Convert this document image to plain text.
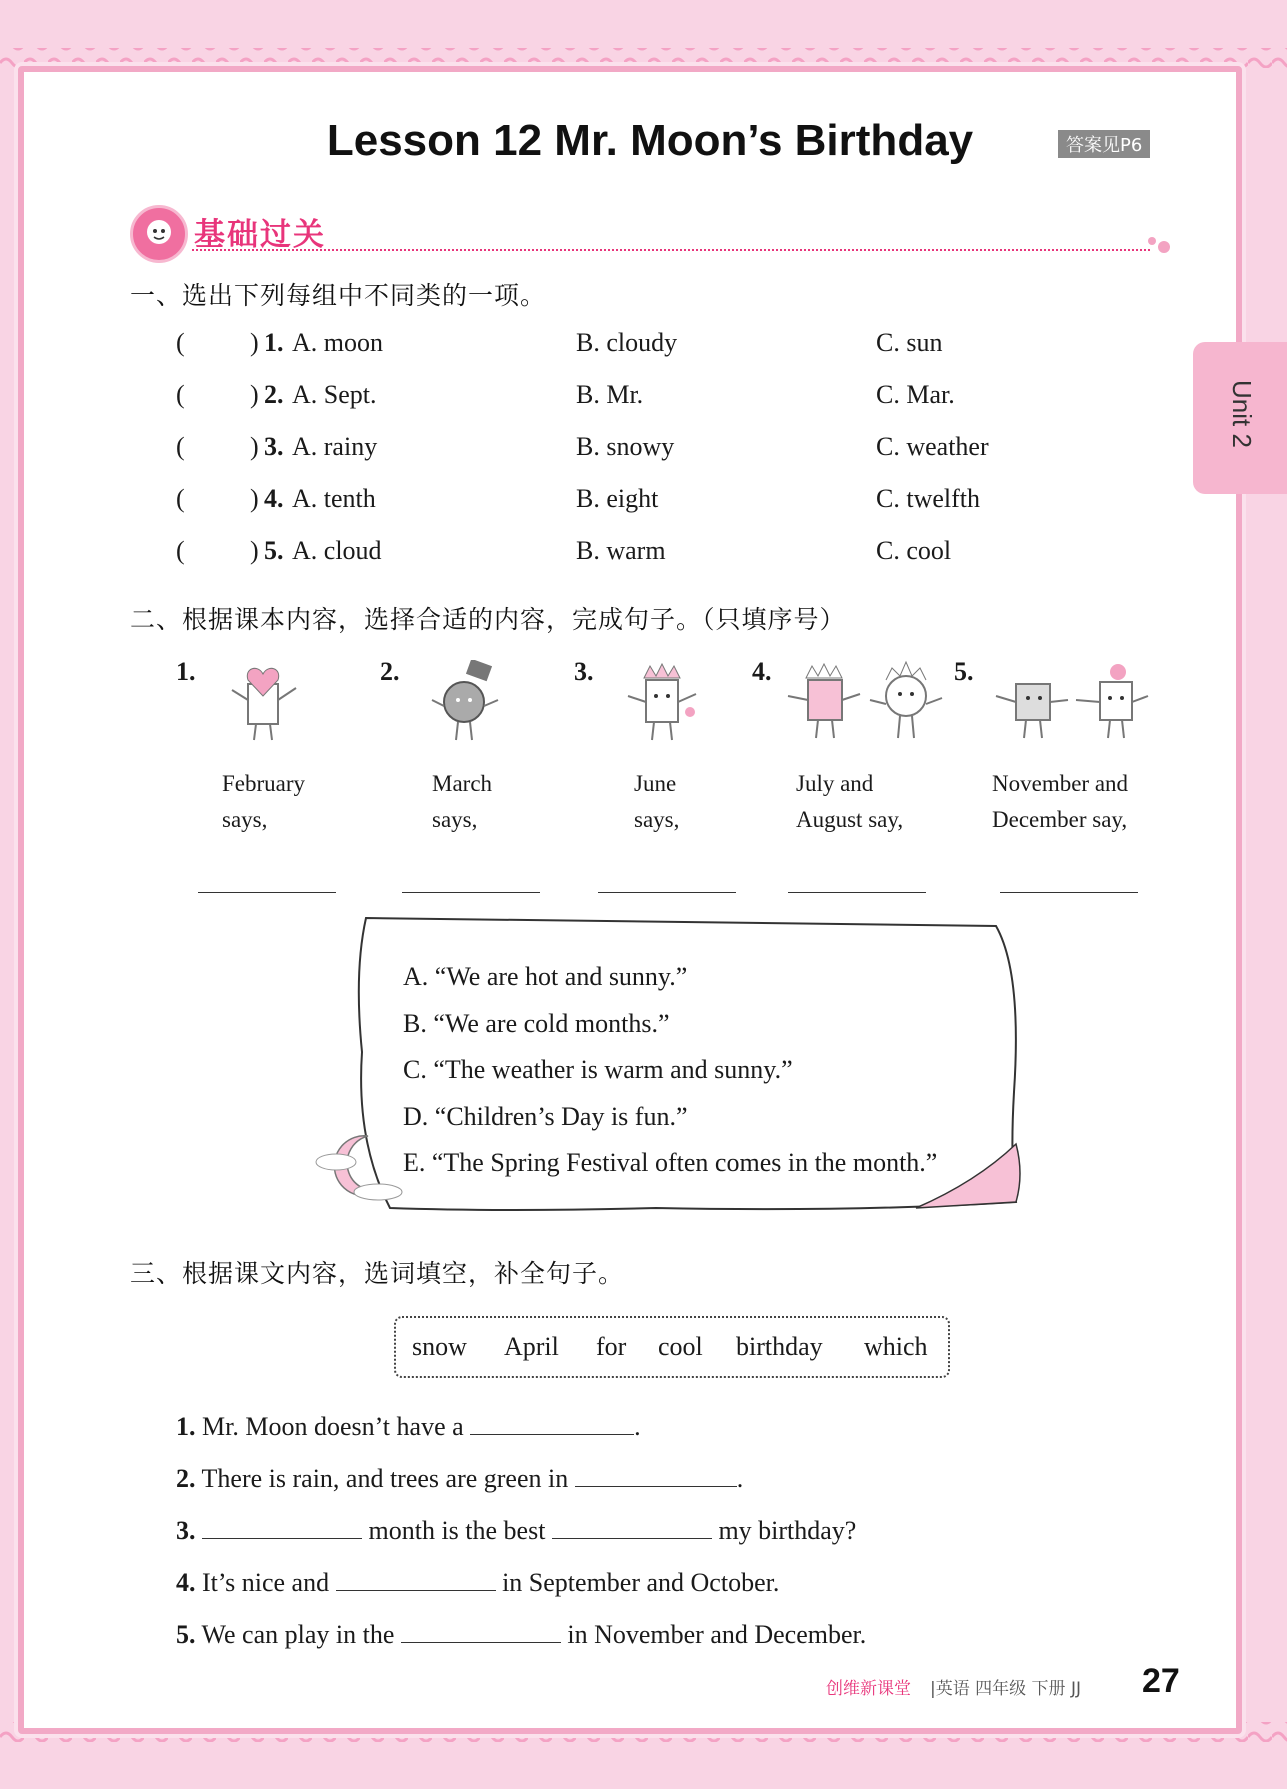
Lesson 12 Mr. Moon’s Birthday	答案见P6
Unit 2
基础过关
一、选出下列每组中不同类的一项。
(	) 1. A. moon	B. cloudy	C. sun
(	) 2. A. Sept.	B. Mr.	C. Mar.
(	) 3. A. rainy	B. snowy	C. weather
(	) 4. A. tenth	B. eight	C. twelfth
(	) 5. A. cloud	B. warm	C. cool
二、根据课本内容，选择合适的内容，完成句子。（只填序号）
1.
February
says,
2.
March
says,
3.
June
says,
4.
July and
August say,
5.
November and
December say,
A. “We are hot and sunny.”
B. “We are cold months.”
C. “The weather is warm and sunny.”
D. “Children’s Day is fun.”
E. “The Spring Festival often comes in the month.”
三、根据课文内容，选词填空，补全句子。
snow April for cool birthday which
1. Mr. Moon doesn’t have a	.
2. There is rain, and trees are green in	.
3.	month is the best	my birthday?
4. It’s nice and	in September and October.
5. We can play in the	in November and December.
创维新课堂 |英语 四年级 下册 JJ 27
